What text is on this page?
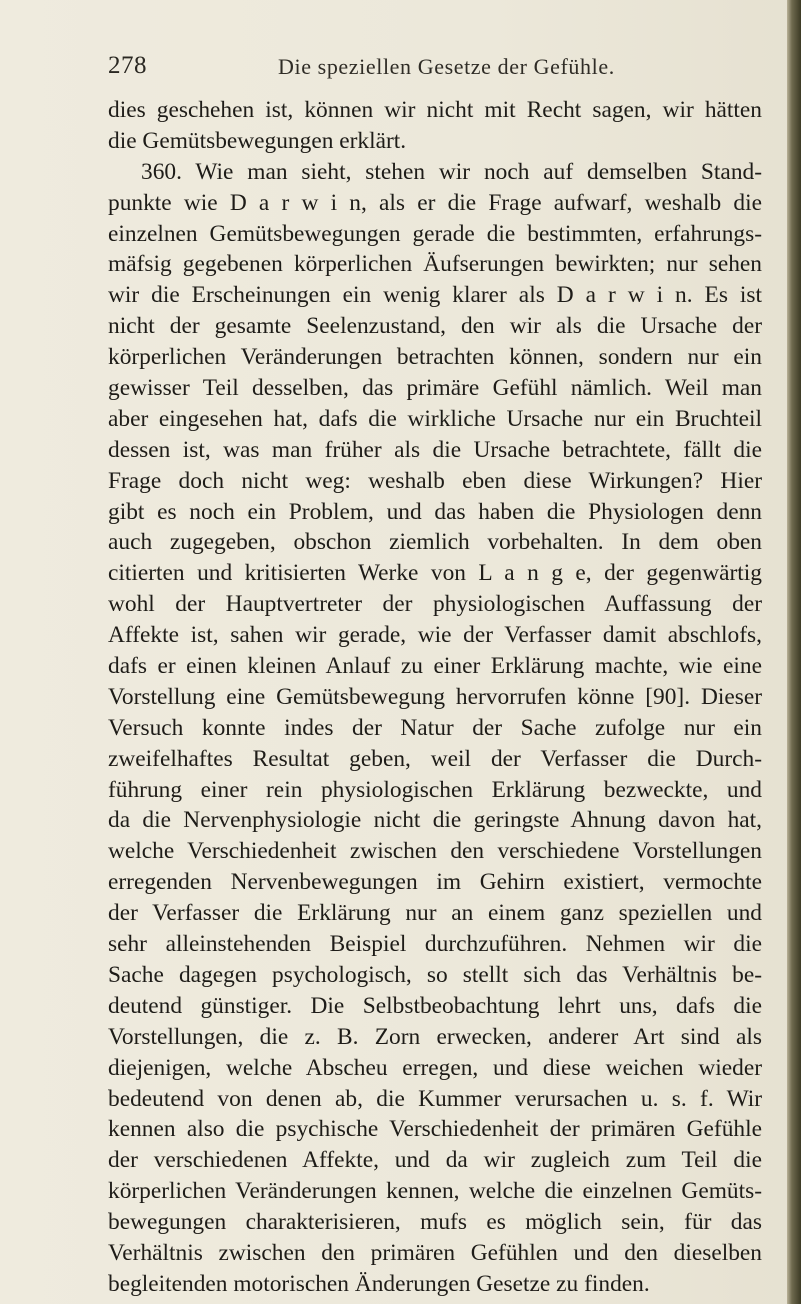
278	Die speziellen Gesetze der Gefühle.
dies geschehen ist, können wir nicht mit Recht sagen, wir hätten
die Gemütsbewegungen erklärt.
360. Wie man sieht, stehen wir noch auf demselben Stand-
punkte wie D a r w i n, als er die Frage aufwarf, weshalb die
einzelnen Gemütsbewegungen gerade die bestimmten, erfahrungs-
mäfsig gegebenen körperlichen Äufserungen bewirkten; nur sehen
wir die Erscheinungen ein wenig klarer als D a r w i n. Es ist
nicht der gesamte Seelenzustand, den wir als die Ursache der
körperlichen Veränderungen betrachten können, sondern nur ein
gewisser Teil desselben, das primäre Gefühl nämlich. Weil man
aber eingesehen hat, dafs die wirkliche Ursache nur ein Bruchteil
dessen ist, was man früher als die Ursache betrachtete, fällt die
Frage doch nicht weg: weshalb eben diese Wirkungen? Hier
gibt es noch ein Problem, und das haben die Physiologen denn
auch zugegeben, obschon ziemlich vorbehalten. In dem oben
citierten und kritisierten Werke von L a n g e, der gegenwärtig
wohl der Hauptvertreter der physiologischen Auffassung der
Affekte ist, sahen wir gerade, wie der Verfasser damit abschlofs,
dafs er einen kleinen Anlauf zu einer Erklärung machte, wie eine
Vorstellung eine Gemütsbewegung hervorrufen könne [90]. Dieser
Versuch konnte indes der Natur der Sache zufolge nur ein
zweifelhaftes Resultat geben, weil der Verfasser die Durch-
führung einer rein physiologischen Erklärung bezweckte, und
da die Nervenphysiologie nicht die geringste Ahnung davon hat,
welche Verschiedenheit zwischen den verschiedene Vorstellungen
erregenden Nervenbewegungen im Gehirn existiert, vermochte
der Verfasser die Erklärung nur an einem ganz speziellen und
sehr alleinstehenden Beispiel durchzuführen. Nehmen wir die
Sache dagegen psychologisch, so stellt sich das Verhältnis be-
deutend günstiger. Die Selbstbeobachtung lehrt uns, dafs die
Vorstellungen, die z. B. Zorn erwecken, anderer Art sind als
diejenigen, welche Abscheu erregen, und diese weichen wieder
bedeutend von denen ab, die Kummer verursachen u. s. f. Wir
kennen also die psychische Verschiedenheit der primären Gefühle
der verschiedenen Affekte, und da wir zugleich zum Teil die
körperlichen Veränderungen kennen, welche die einzelnen Gemüts-
bewegungen charakterisieren, mufs es möglich sein, für das
Verhältnis zwischen den primären Gefühlen und den dieselben
begleitenden motorischen Änderungen Gesetze zu finden.
